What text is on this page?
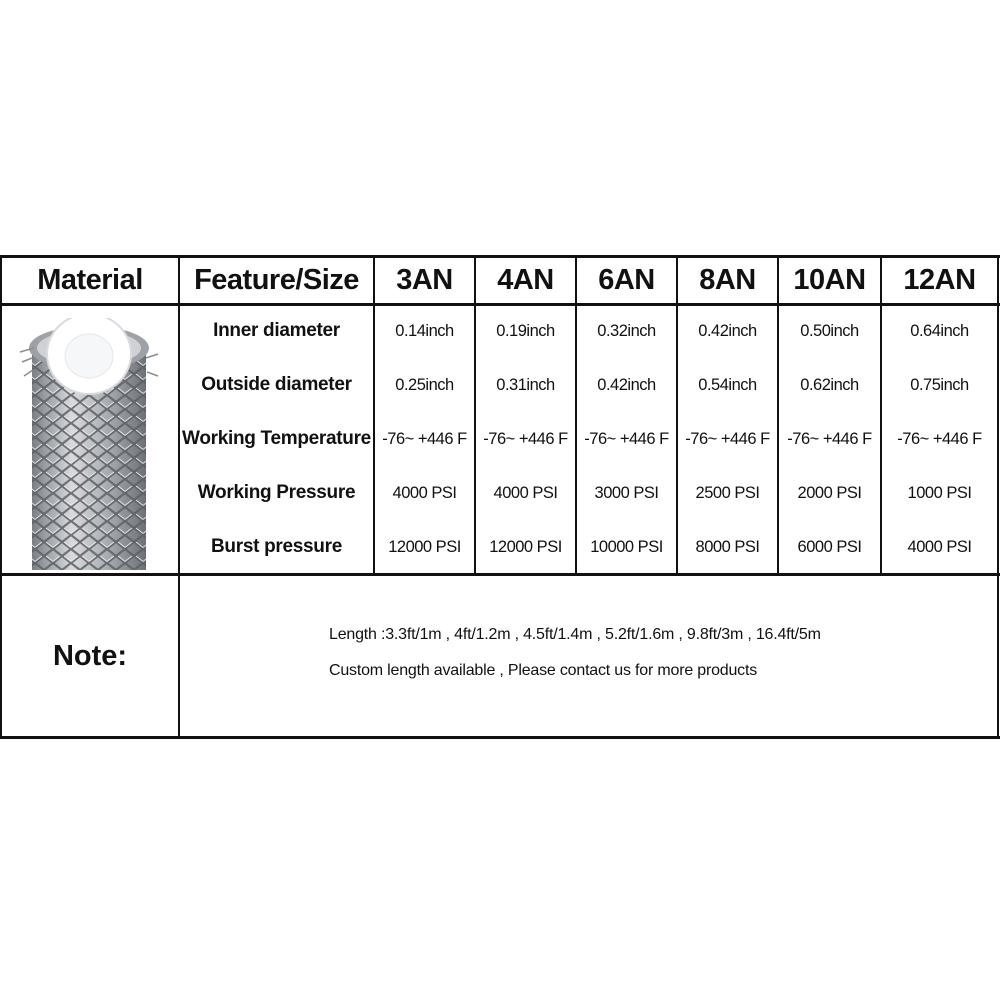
Material	Feature/Size	3AN	4AN	6AN	8AN	10AN	12AN
Inner diameter	0.14inch	0.19inch	0.32inch	0.42inch	0.50inch	0.64inch
Outside diameter	0.25inch	0.31inch	0.42inch	0.54inch	0.62inch	0.75inch
Working Temperature -76~ +446 F	-76~ +446 F	-76~ +446 F	-76~ +446 F	-76~ +446 F	-76~ +446 F
Working Pressure	4000 PSI	4000 PSI	3000 PSI	2500 PSI	2000 PSI	1000 PSI
Burst pressure	12000 PSI	12000 PSI	10000 PSI	8000 PSI	6000 PSI	4000 PSI
Note:
Length :3.3ft/1m , 4ft/1.2m , 4.5ft/1.4m , 5.2ft/1.6m , 9.8ft/3m , 16.4ft/5m
Custom length available , Please contact us for more products
